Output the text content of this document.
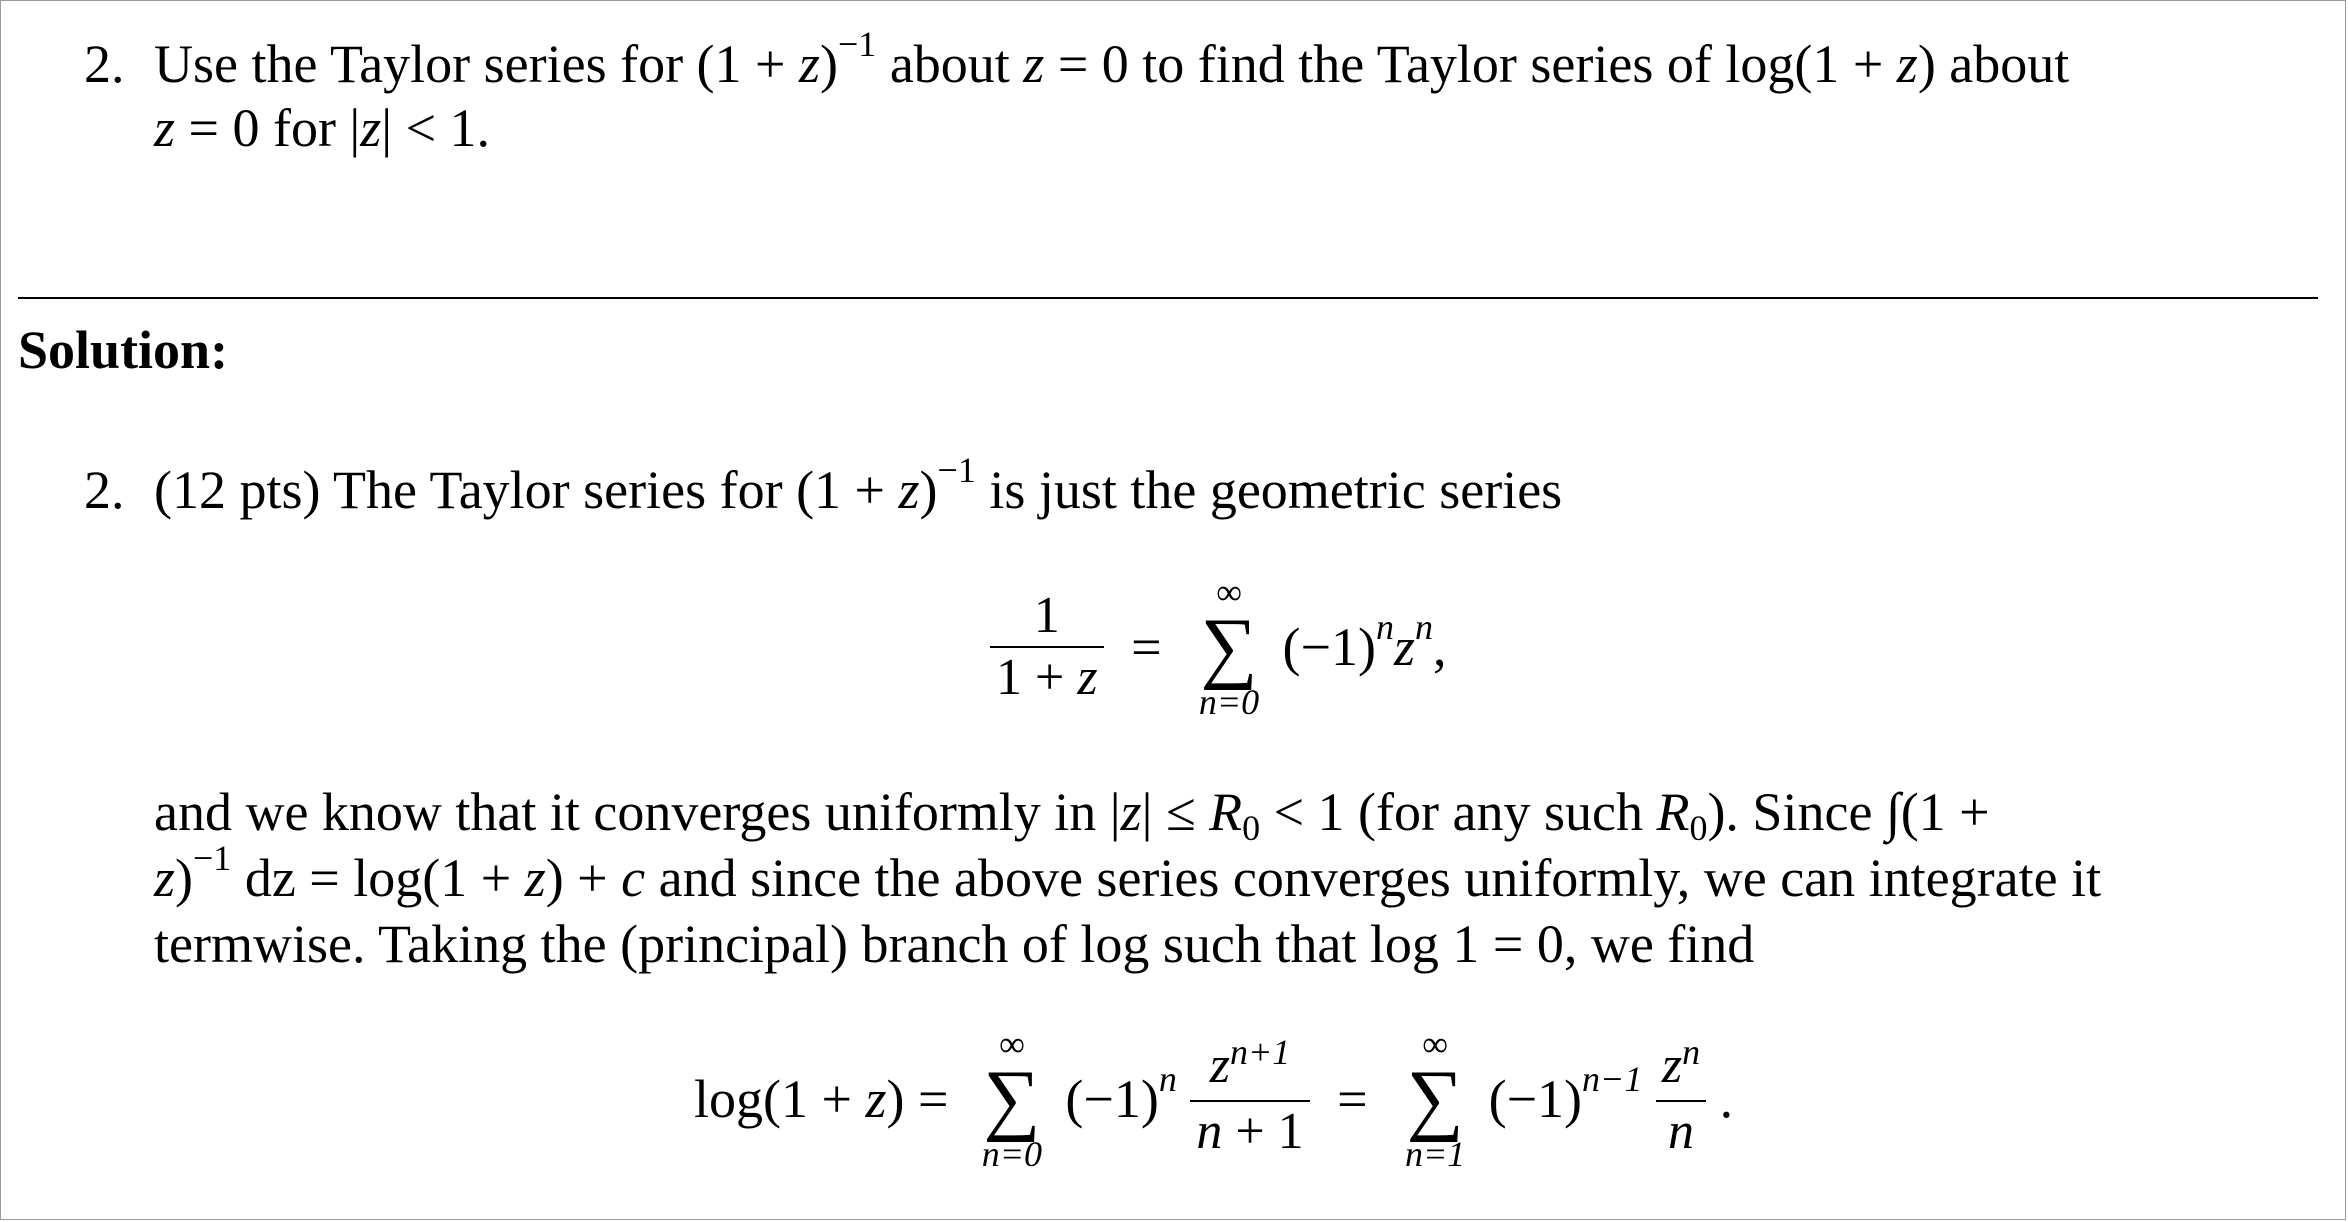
2. Use the Taylor series for $(1 + z)^{-1}$ about z = 0 to find the Taylor series of log(1 + z) about
z = 0 for |z| < 1.
Solution:
2. (12 pts) The Taylor series for $(1 + z)^{-1}$ is just the geometric series
$\frac{1}{1 + z}$ =
∞
∑
n=0
$(-1)^nz^n$,
and we know that it converges uniformly in |z| ≤ R0 < 1 (for any such R0). Since ∫(1 +
z)$^{-1}$ dz = log(1 + z) + c and since the above series converges uniformly, we can integrate it
termwise. Taking the (principal) branch of log such that log 1 = 0, we find
log(1 + z) =
∞
∑
n=0
$(-1)^n \frac{z^{n+1}}{n + 1}$ =
∞
∑
n=1
$(-1)^{n-1} \frac{z^n}{n}$ .
